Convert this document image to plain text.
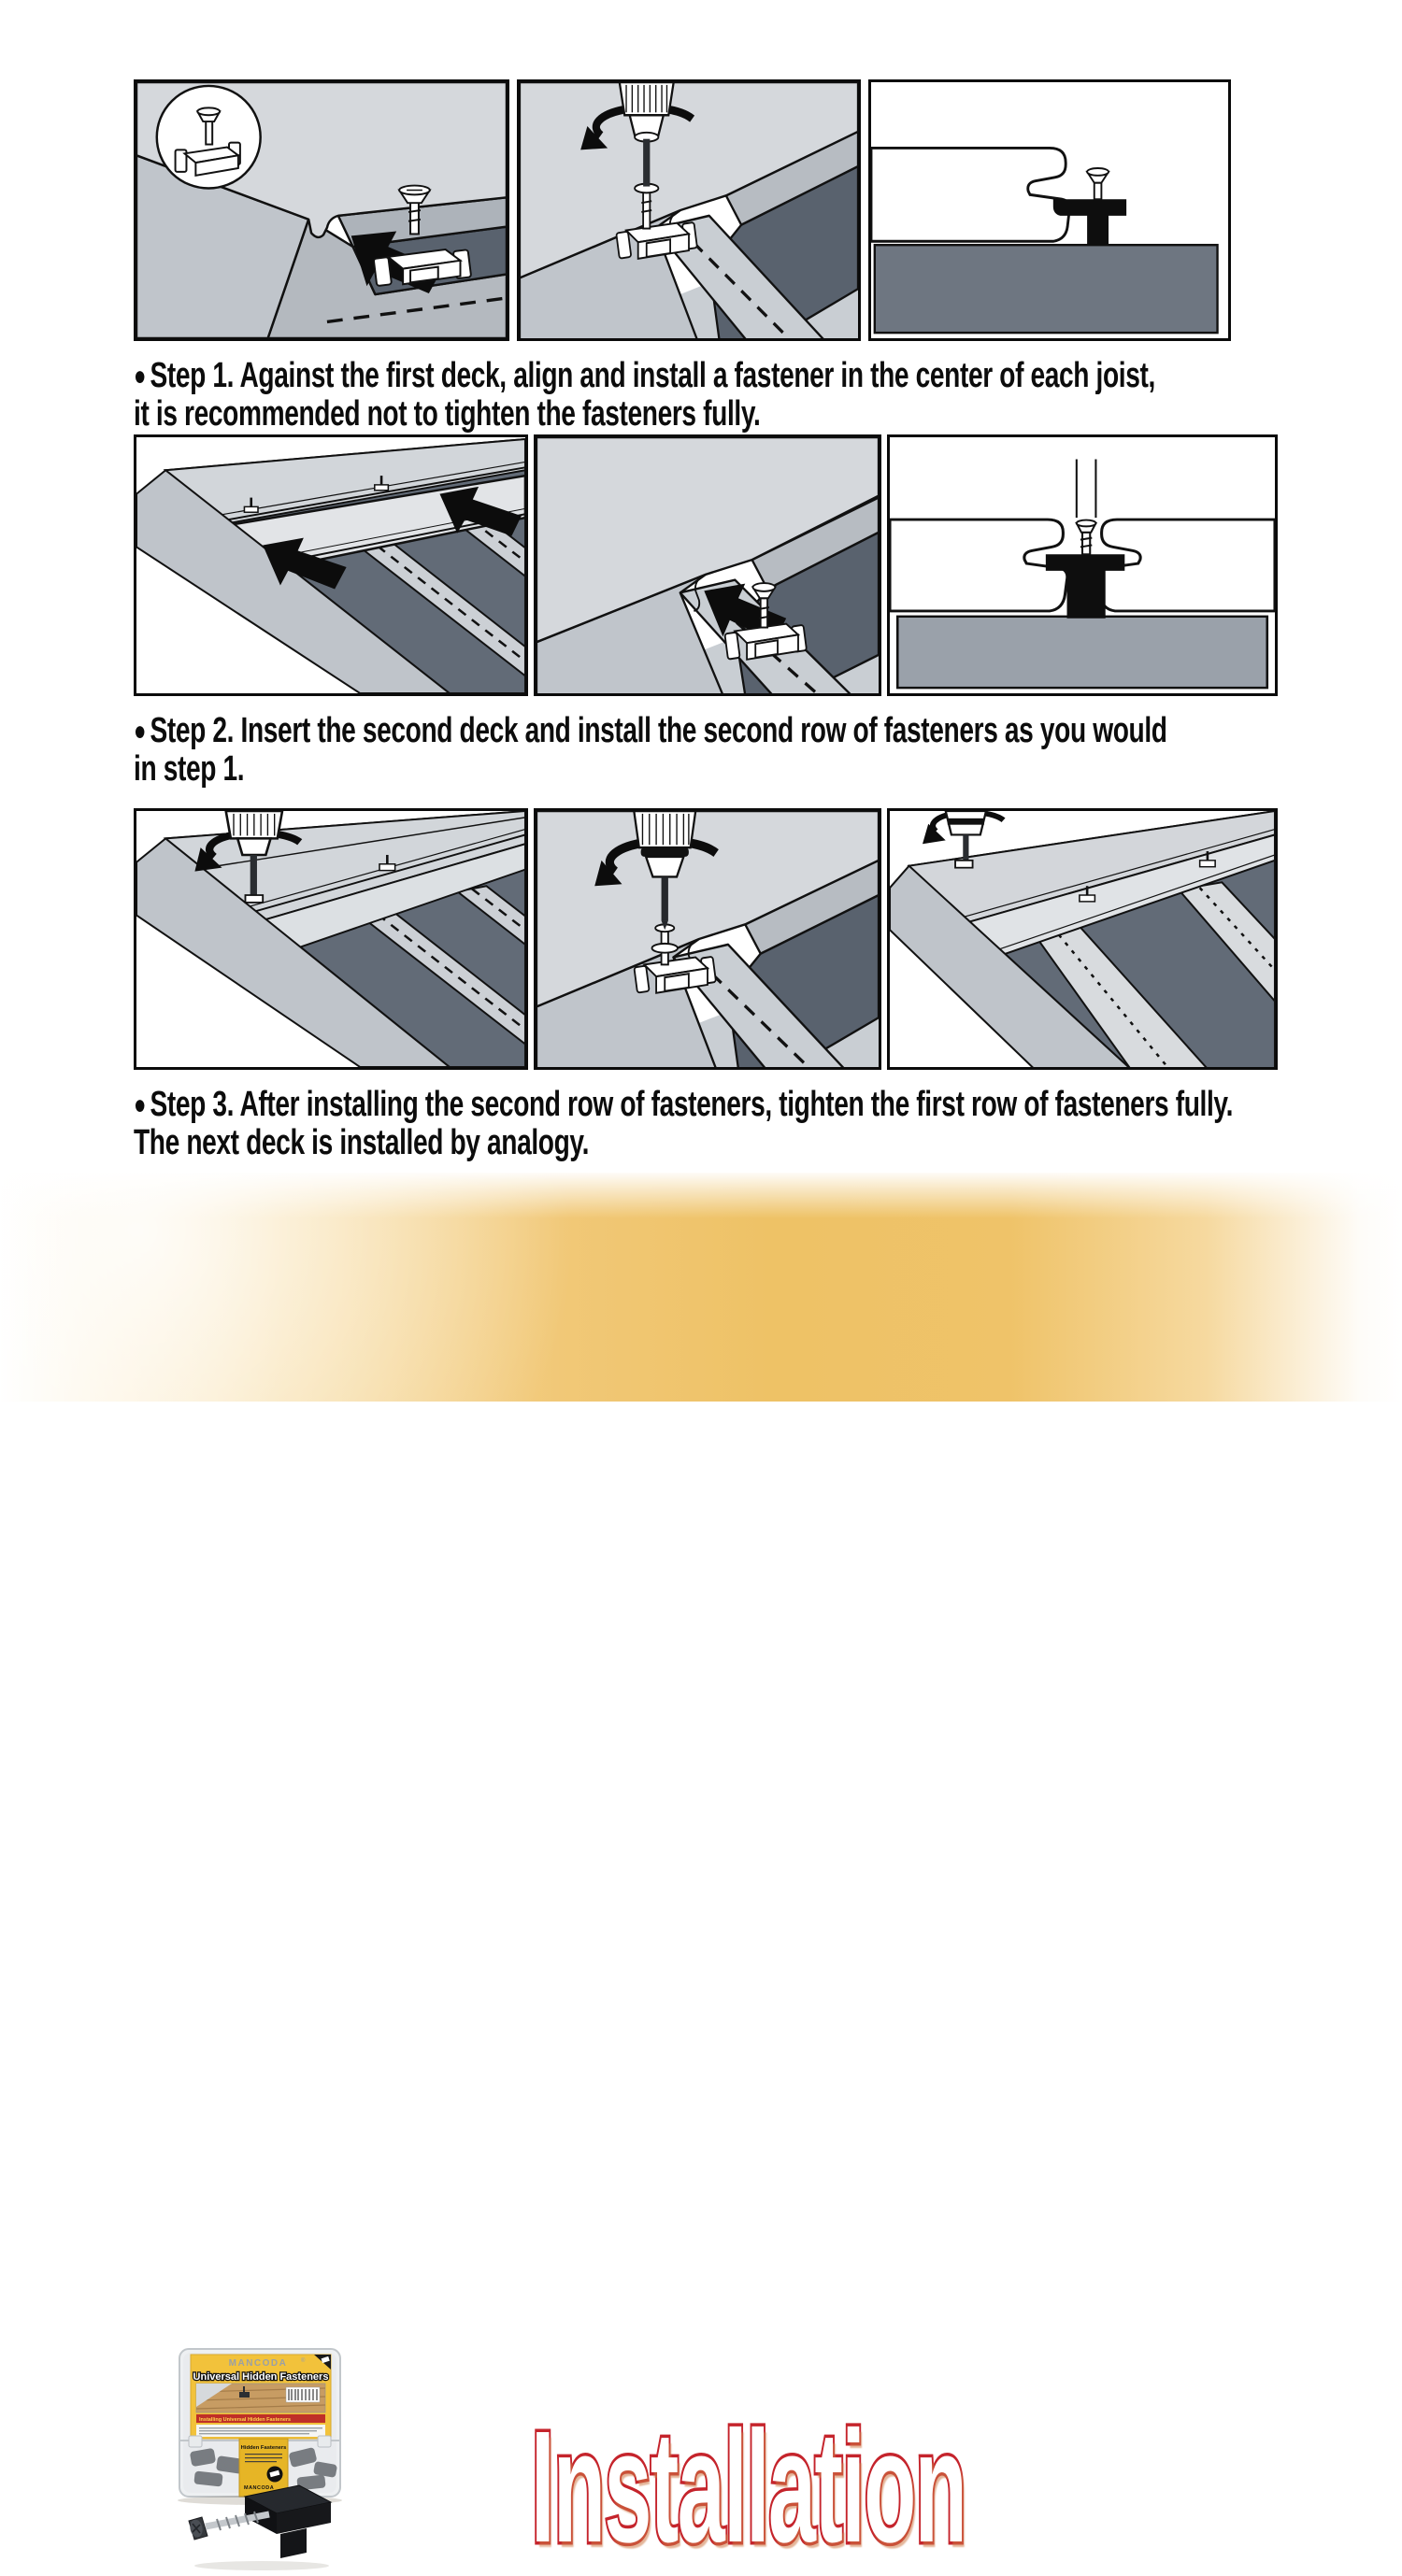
● Step 1. Against the first deck, align and install a fastener in the center of each joist,
it is recommended not to tighten the fasteners fully.
● Step 2. Insert the second deck and install the second row of fasteners as you would
in step 1.
● Step 3. After installing the second row of fasteners, tighten the first row of fasteners fully.
The next deck is installed by analogy.
Installation
MANCODA ®
Universal Hidden Fasteners
Installing Universal Hidden Fasteners
Hidden Fasteners
MANCODA
